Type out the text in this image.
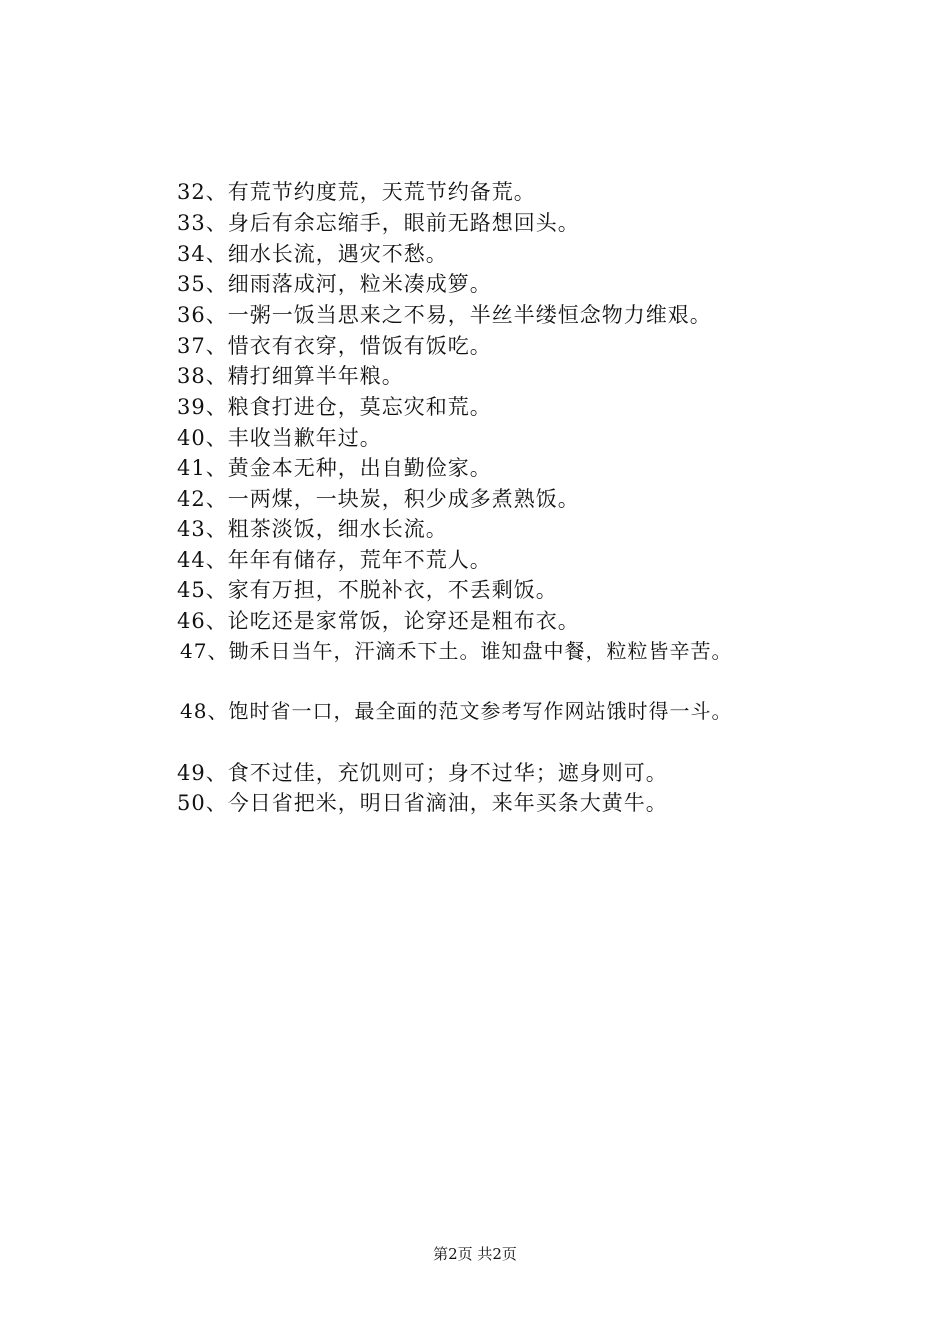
32、有荒节约度荒，天荒节约备荒。
33、身后有余忘缩手，眼前无路想回头。
34、细水长流，遇灾不愁。
35、细雨落成河，粒米凑成箩。
36、一粥一饭当思来之不易，半丝半缕恒念物力维艰。
37、惜衣有衣穿，惜饭有饭吃。
38、精打细算半年粮。
39、粮食打进仓，莫忘灾和荒。
40、丰收当歉年过。
41、黄金本无种，出自勤俭家。
42、一两煤，一块炭，积少成多煮熟饭。
43、粗茶淡饭，细水长流。
44、年年有储存，荒年不荒人。
45、家有万担，不脱补衣，不丢剩饭。
46、论吃还是家常饭，论穿还是粗布衣。
47、锄禾日当午，汗滴禾下土。谁知盘中餐，粒粒皆辛苦。
48、饱时省一口，最全面的范文参考写作网站饿时得一斗。
49、食不过佳，充饥则可；身不过华；遮身则可。
50、今日省把米，明日省滴油，来年买条大黄牛。
第2页 共2页
